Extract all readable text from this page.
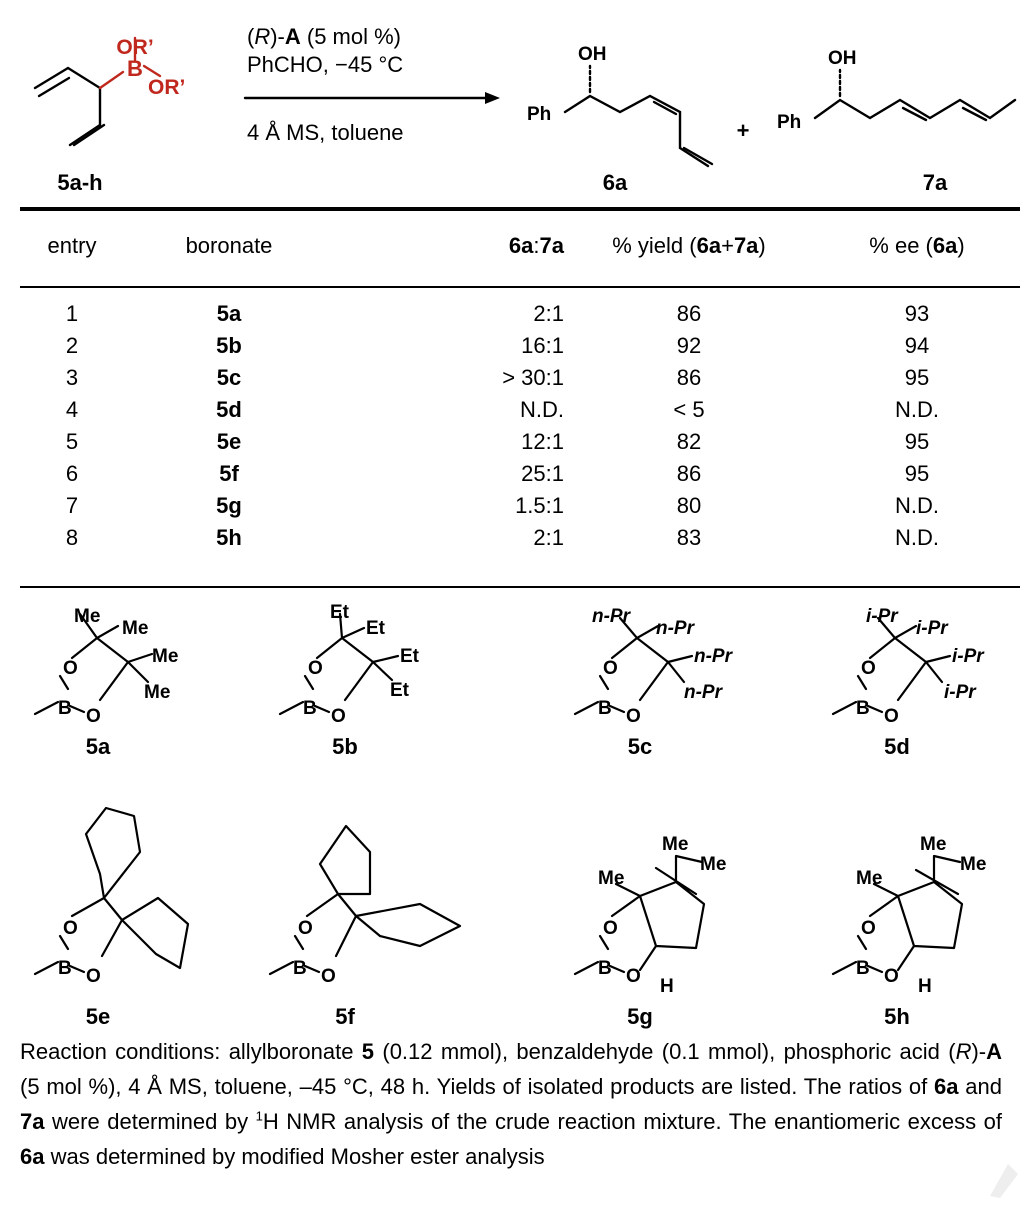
OR’
B
OR’
5a-h
(R)-A (5 mol %)
PhCHO, −45 °C
4 Å MS, toluene
Ph
OH
6a
+ Ph
OH
7a
entry	boronate	6a:7a	% yield (6a+7a)	% ee (6a)
1	5a	2:1	86	93
2	5b	16:1	92	94
3	5c	> 30:1	86	95
4	5d	N.D.	< 5	N.D.
5	5e	12:1	82	95
6	5f	25:1	86	95
7	5g	1.5:1	80	N.D.
8	5h	2:1	83	N.D.
O
B O
Me
Me
Me
Me
O
B O
Et
Et
Et
Et
O
B O
n-Pr
n-Pr
n-Pr
n-Pr
O
B O
i-Pr
i-Pr
i-Pr
i-Pr
5a	5b	5c	5d
O
B O
O
B O
O
B O
Me
Me
Me
H
O
B O
Me
Me
Me
H
5e	5f	5g	5h

Reaction conditions: allylboronate 5 (0.12 mmol), benzaldehyde (0.1 mmol), phosphoric acid (R)-A (5 mol %), 4 Å MS, toluene, –45 °C, 48 h. Yields of isolated products are listed. The ratios of 6a and 7a were determined by $^1$H NMR analysis of the crude reaction mixture. The enantiomeric excess of 6a was determined by modified Mosher ester analysis
